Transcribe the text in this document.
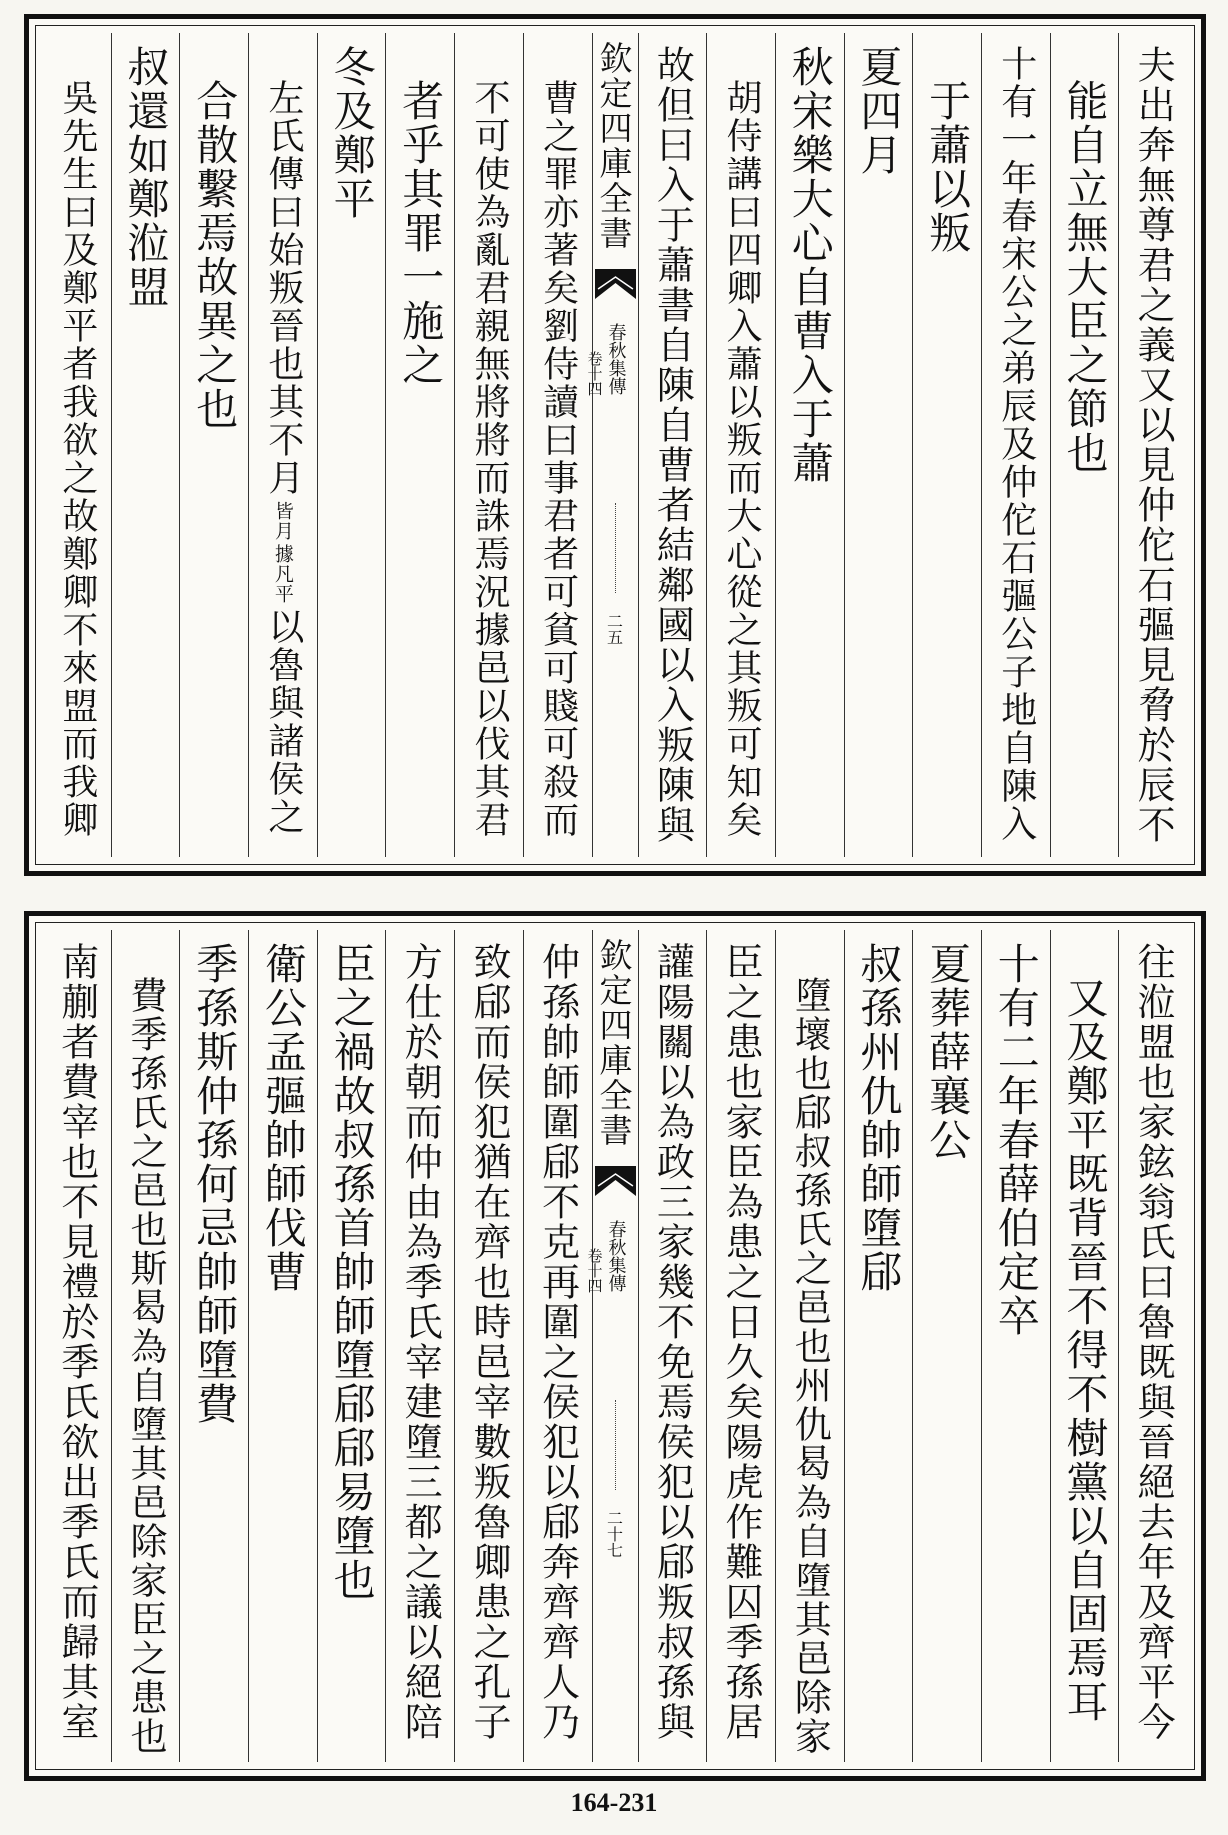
夫出奔無尊君之義又以見仲佗石彄見脅於辰不
能自立無大臣之節也
十有一年春宋公之弟辰及仲佗石彄公子地自陳入
于蕭以叛
夏四月
秋宋樂大心自曹入于蕭
胡侍講曰四卿入蕭以叛而大心從之其叛可知矣
故但曰入于蕭書自陳自曹者結鄰國以入叛陳與
欽定四庫全書
春秋集傳
卷十四
二五
曹之罪亦著矣劉侍讀曰事君者可貧可賤可殺而
不可使為亂君親無將將而誅焉況據邑以伐其君
者乎其罪一施之
冬及鄭平
左氏傳曰始叛晉也其不月
皆月
據凡平
以魯與諸侯之
合散繫焉故異之也
叔還如鄭涖盟
吳先生曰及鄭平者我欲之故鄭卿不來盟而我卿
往涖盟也家鉉翁氏曰魯既與晉絕去年及齊平今
又及鄭平既背晉不得不樹黨以自固焉耳
十有二年春薛伯定卒
夏葬薛襄公
叔孫州仇帥師墮郈
墮壞也郈叔孫氏之邑也州仇曷為自墮其邑除家
臣之患也家臣為患之日久矣陽虎作難囚季孫居
讙陽關以為政三家幾不免焉侯犯以郈叛叔孫與
欽定四庫全書
春秋集傳
卷十四
二十七
仲孫帥師圍郈不克再圍之侯犯以郈奔齊齊人乃
致郈而侯犯猶在齊也時邑宰數叛魯卿患之孔子
方仕於朝而仲由為季氏宰建墮三都之議以絕陪
臣之禍故叔孫首帥師墮郈郈易墮也
衛公孟彄帥師伐曹
季孫斯仲孫何忌帥師墮費
費季孫氏之邑也斯曷為自墮其邑除家臣之患也
南蒯者費宰也不見禮於季氏欲出季氏而歸其室
164-231
